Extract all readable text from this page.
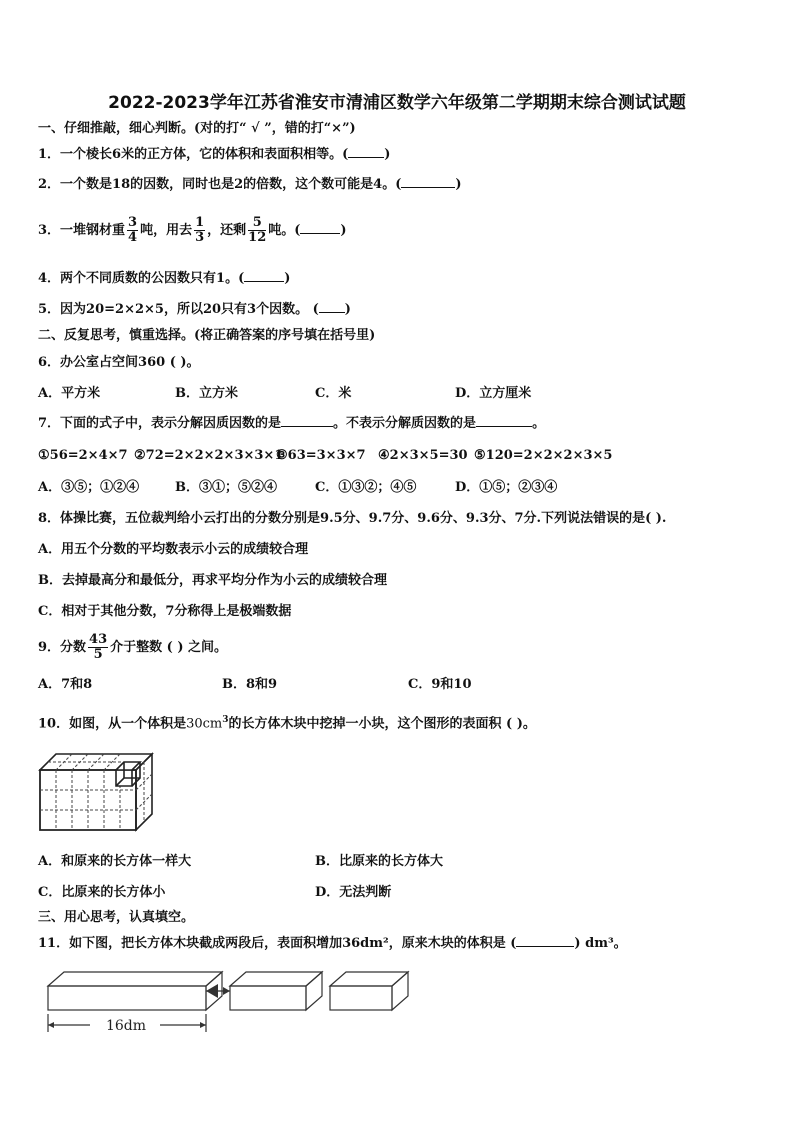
2022-2023学年江苏省淮安市清浦区数学六年级第二学期期末综合测试试题
一、仔细推敲，细心判断。(对的打“ √ ”，错的打“×”)
1．一个棱长6米的正方体，它的体积和表面积相等。(	)
2．一个数是18的因数，同时也是2的倍数，这个数可能是4。(	)
3．一堆钢材重 $\frac{3}{4}$ 吨，用去 $\frac{1}{3}$ ，还剩 $\frac{5}{12}$ 吨。(	)
4．两个不同质数的公因数只有1。(	)
5．因为20=2×2×5，所以20只有3个因数。 ( )
二、反复思考，慎重选择。(将正确答案的序号填在括号里)
6．办公室占空间360 ( )。
A．平方米	B．立方米	C．米	D．立方厘米
7．下面的式子中，表示分解因质因数的是	。不表示分解质因数的是	。
①56=2×4×7 ②72=2×2×2×3×3×1
③63=3×3×7 ④2×3×5=30 ⑤120=2×2×2×3×5
A．③⑤；①②④	B．③①；⑤②④	C．①③②；④⑤	D．①⑤；②③④
8．体操比赛，五位裁判给小云打出的分数分别是9.5分、9.7分、9.6分、9.3分、7分.下列说法错误的是( ).
A．用五个分数的平均数表示小云的成绩较合理
B．去掉最高分和最低分，再求平均分作为小云的成绩较合理
C．相对于其他分数，7分称得上是极端数据
9．分数 $\frac{43}{5}$ 介于整数 ( ) 之间。
A．7和8	B．8和9	C．9和10
10．如图，从一个体积是$30cm^3$的长方体木块中挖掉一小块，这个图形的表面积 ( )。
A．和原来的长方体一样大	B．比原来的长方体大
C．比原来的长方体小	D．无法判断
三、用心思考，认真填空。
11．如下图，把长方体木块截成两段后，表面积增加36dm²，原来木块的体积是 (	) dm³。
16dm
